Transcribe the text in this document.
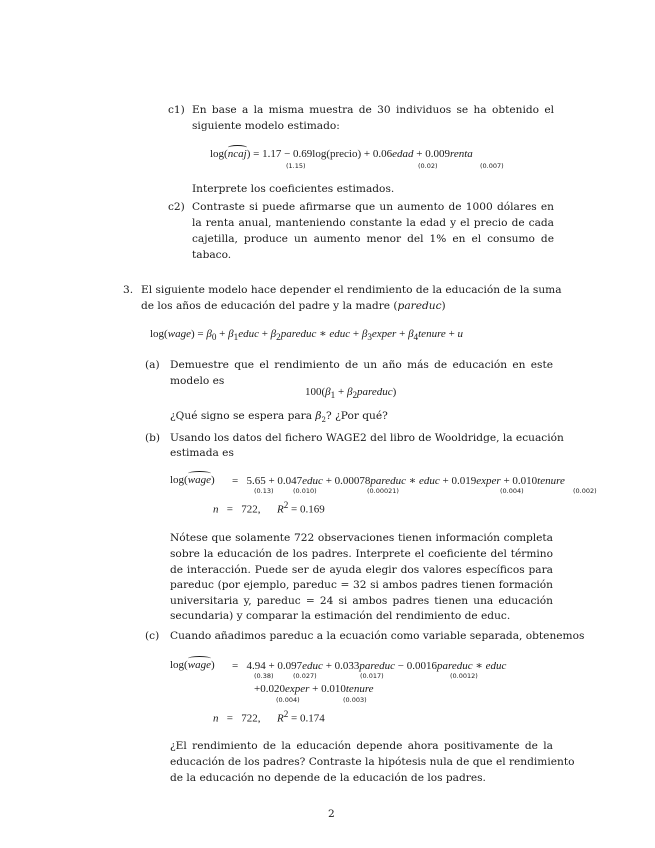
c1) En base a la misma muestra de 30 individuos se ha obtenido el
siguiente modelo estimado:
log(ncaj) = 1.17 − 0.69log(precio) + 0.06edad + 0.009renta
(1.15)	(0.02)	(0.007)
Interprete los coeficientes estimados.
c2) Contraste si puede afirmarse que un aumento de 1000 dólares en
la renta anual, manteniendo constante la edad y el precio de cada
cajetilla, produce un aumento menor del 1% en el consumo de
tabaco.
3. El siguiente modelo hace depender el rendimiento de la educación de la suma
de los años de educación del padre y la madre (pareduc)
log(wage) = $\beta_0$ + $\beta_1educ$ + $\beta_2pareduc$ ∗ educ + $\beta_3exper$ + $\beta_4tenure + u$
(a) Demuestre que el rendimiento de un año más de educación en este
modelo es
$100(\beta_1$ + $\beta_2pareduc$)
¿Qué signo se espera para $\beta_2$? ¿Por qué?
(b) Usando los datos del fichero WAGE2 del libro de Wooldridge, la ecuación
estimada es
log(wage) =   5.65 + 0.047educ + 0.00078pareduc ∗ educ + 0.019exper + 0.010tenure
(0.13)	(0.010)	(0.00021)	(0.004)	(0.002)
n   =   722,      $R^2 = 0.169$
Nótese que solamente 722 observaciones tienen información completa
sobre la educación de los padres. Interprete el coeficiente del término
de interacción. Puede ser de ayuda elegir dos valores específicos para
pareduc (por ejemplo, pareduc = 32 si ambos padres tienen formación
universitaria y, pareduc = 24 si ambos padres tienen una educación
secundaria) y comparar la estimación del rendimiento de educ.
(c) Cuando añadimos pareduc a la ecuación como variable separada, obtenemos
log(wage) =   4.94 + 0.097educ + 0.033pareduc − 0.0016pareduc ∗ educ
(0.38)	(0.027)	(0.017)	(0.0012)
+0.020exper + 0.010tenure
(0.004)	(0.003)
n   =   722,      $R^2 = 0.174$
¿El rendimiento de la educación depende ahora positivamente de la
educación de los padres? Contraste la hipótesis nula de que el rendimiento
de la educación no depende de la educación de los padres.
2
